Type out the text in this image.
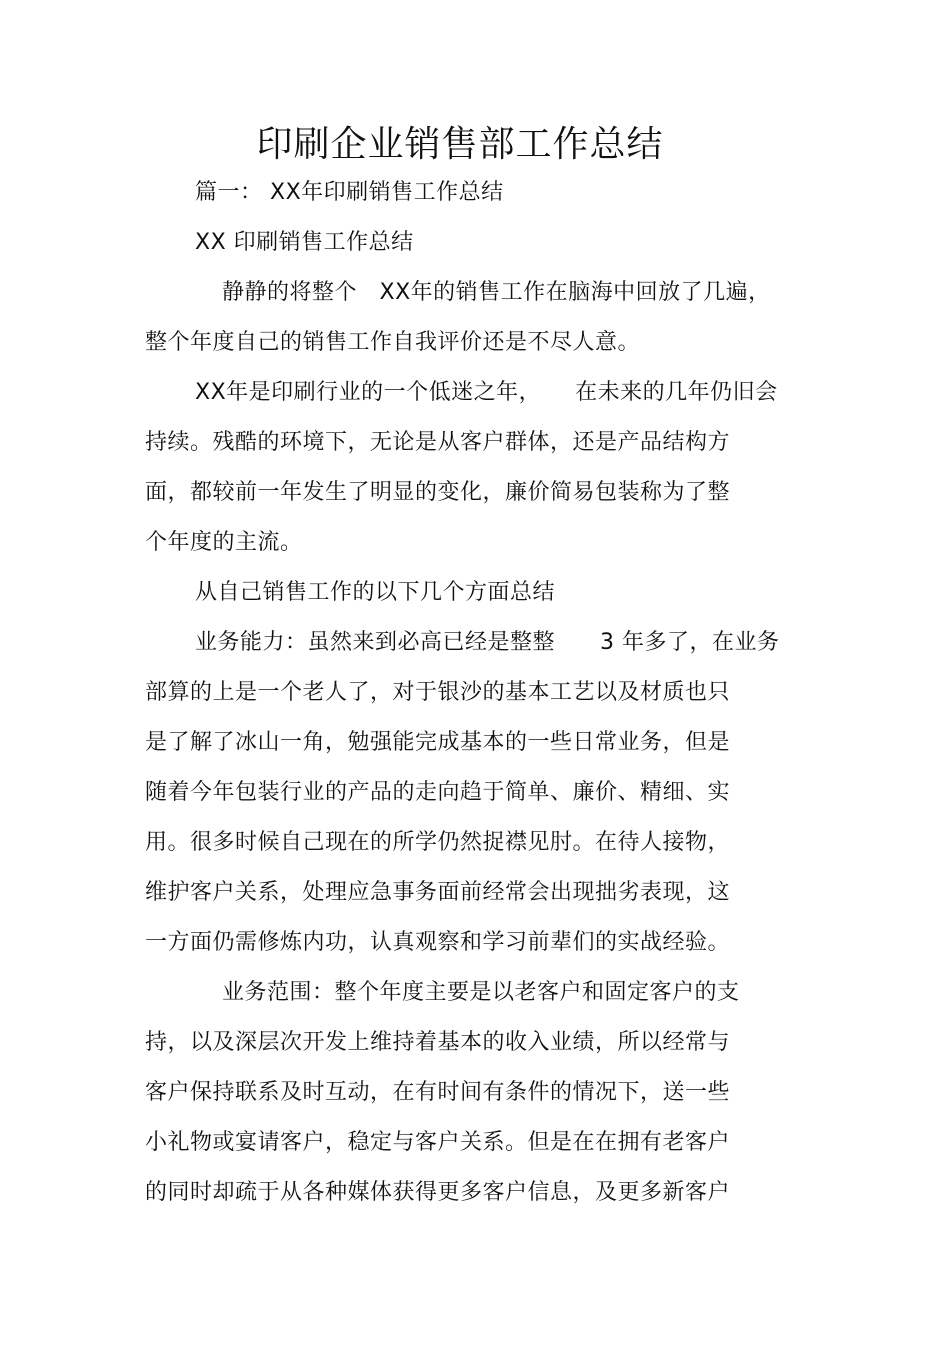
印刷企业销售部工作总结
篇一： XX年印刷销售工作总结
XX 印刷销售工作总结
静静的将整个　XX年的销售工作在脑海中回放了几遍，
整个年度自己的销售工作自我评价还是不尽人意。
XX年是印刷行业的一个低迷之年，　　在未来的几年仍旧会
持续。残酷的环境下，无论是从客户群体，还是产品结构方
面，都较前一年发生了明显的变化，廉价简易包装称为了整
个年度的主流。
从自己销售工作的以下几个方面总结
业务能力：虽然来到必高已经是整整　　3 年多了，在业务
部算的上是一个老人了，对于银沙的基本工艺以及材质也只
是了解了冰山一角，勉强能完成基本的一些日常业务，但是
随着今年包装行业的产品的走向趋于简单、廉价、精细、实
用。很多时候自己现在的所学仍然捉襟见肘。在待人接物，
维护客户关系，处理应急事务面前经常会出现拙劣表现，这
一方面仍需修炼内功，认真观察和学习前辈们的实战经验。
业务范围：整个年度主要是以老客户和固定客户的支
持，以及深层次开发上维持着基本的收入业绩，所以经常与
客户保持联系及时互动，在有时间有条件的情况下，送一些
小礼物或宴请客户，稳定与客户关系。但是在在拥有老客户
的同时却疏于从各种媒体获得更多客户信息，及更多新客户
